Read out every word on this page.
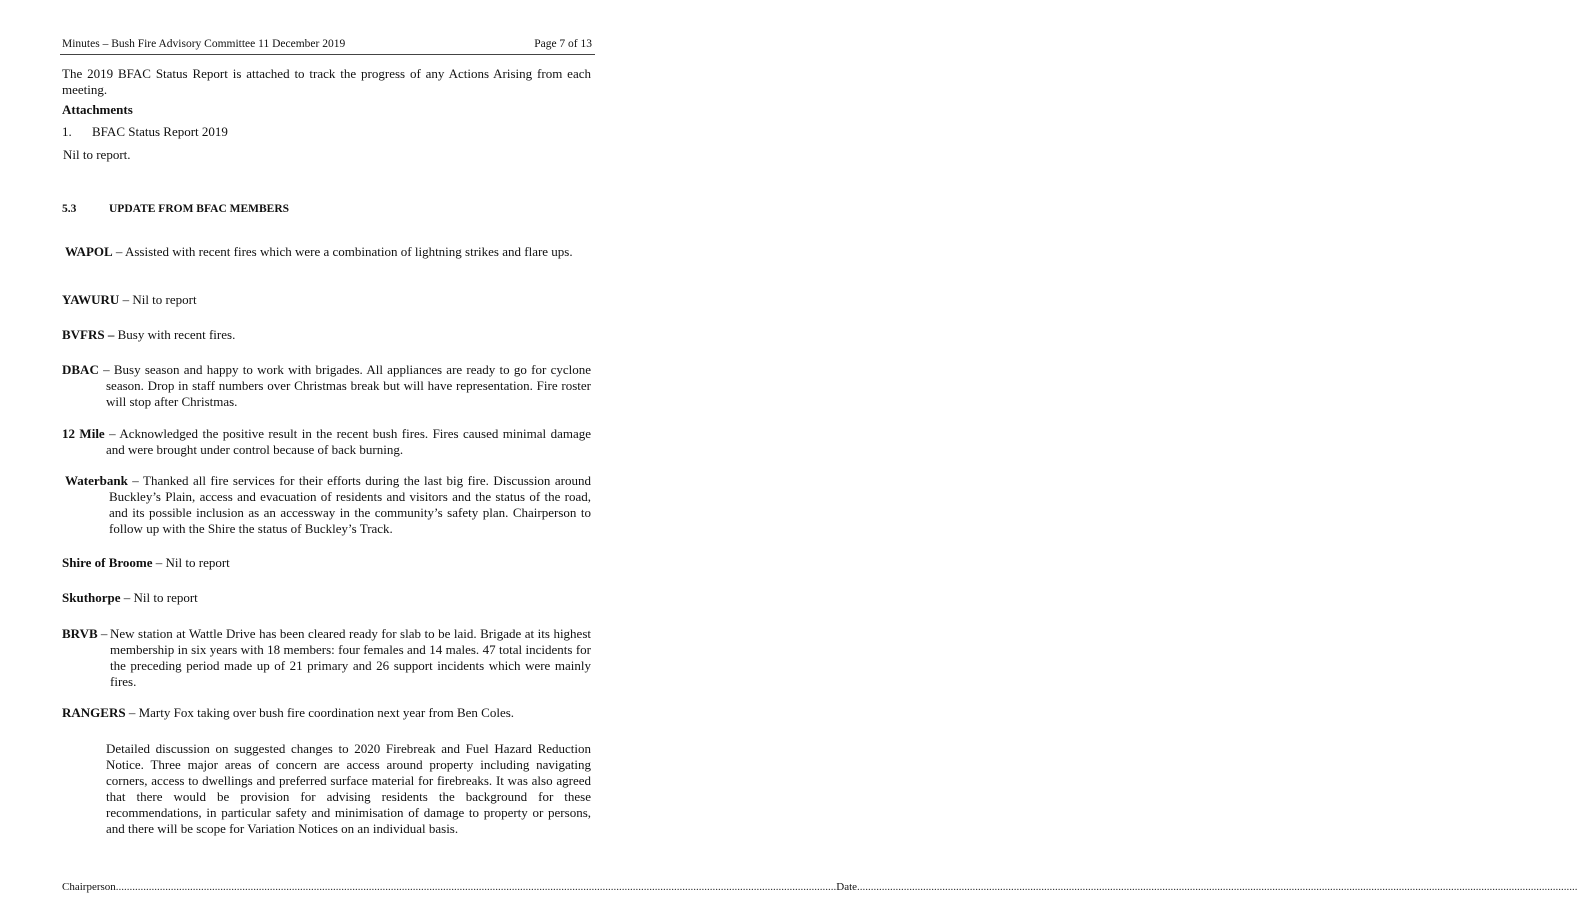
Minutes – Bush Fire Advisory Committee 11 December 2019	Page 7 of 13
The 2019 BFAC Status Report is attached to track the progress of any Actions Arising from each meeting.
Attachments
1. BFAC Status Report 2019
Nil to report.
5.3	UPDATE FROM BFAC MEMBERS
WAPOL – Assisted with recent fires which were a combination of lightning strikes and flare ups.
YAWURU – Nil to report
BVFRS – Busy with recent fires.
DBAC – Busy season and happy to work with brigades. All appliances are ready to go for cyclone season. Drop in staff numbers over Christmas break but will have representation. Fire roster will stop after Christmas.
12 Mile – Acknowledged the positive result in the recent bush fires. Fires caused minimal damage and were brought under control because of back burning.
Waterbank – Thanked all fire services for their efforts during the last big fire. Discussion around Buckley’s Plain, access and evacuation of residents and visitors and the status of the road, and its possible inclusion as an accessway in the community’s safety plan. Chairperson to follow up with the Shire the status of Buckley’s Track.
Shire of Broome – Nil to report
Skuthorpe – Nil to report
BRVB – New station at Wattle Drive has been cleared ready for slab to be laid. Brigade at its highest membership in six years with 18 members: four females and 14 males. 47 total incidents for the preceding period made up of 21 primary and 26 support incidents which were mainly fires.
RANGERS – Marty Fox taking over bush fire coordination next year from Ben Coles.
Detailed discussion on suggested changes to 2020 Firebreak and Fuel Hazard Reduction Notice. Three major areas of concern are access around property including navigating corners, access to dwellings and preferred surface material for firebreaks. It was also agreed that there would be provision for advising residents the background for these recommendations, in particular safety and minimisation of damage to property or persons, and there will be scope for Variation Notices on an individual basis.
Chairperson ...................................................................................................................................................................................................................................................................... Date ......................................................................................................................................................................................................................................................................
